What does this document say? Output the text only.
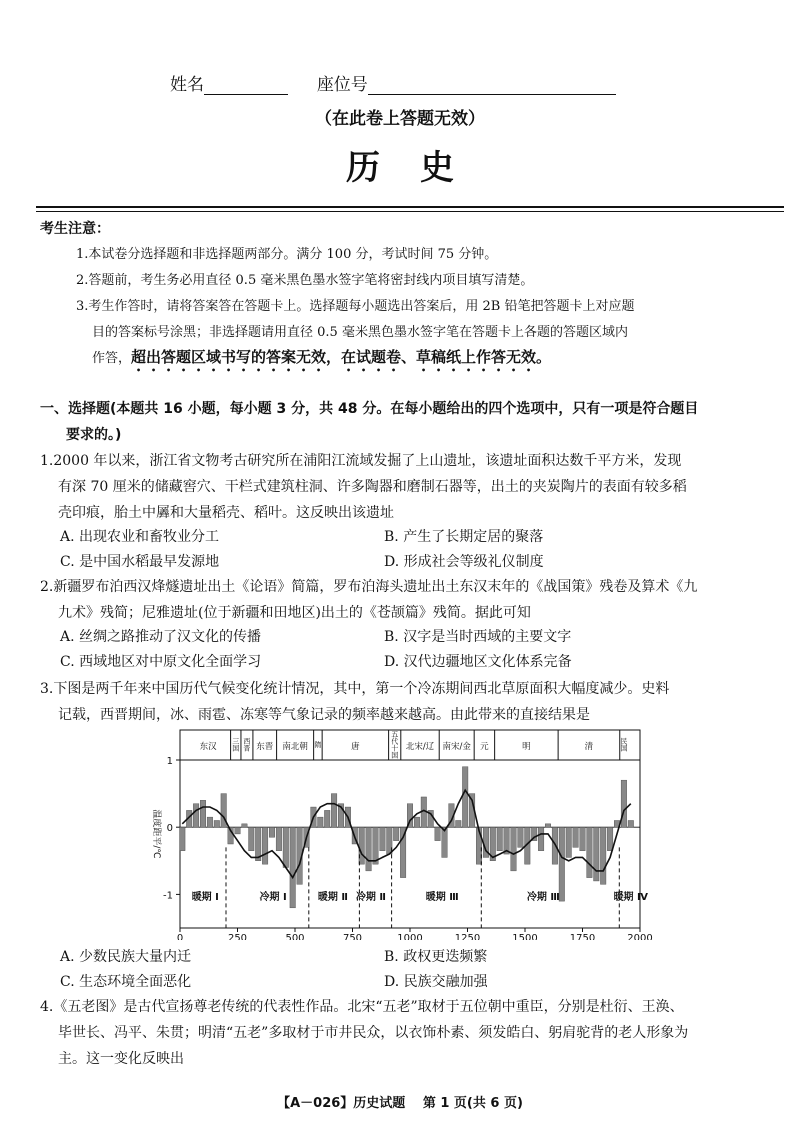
姓名	座位号
（在此卷上答题无效）
历史
考生注意：
1.本试卷分选择题和非选择题两部分。满分 100 分，考试时间 75 分钟。
2.答题前，考生务必用直径 0.5 毫米黑色墨水签字笔将密封线内项目填写清楚。
3.考生作答时，请将答案答在答题卡上。选择题每小题选出答案后，用 2B 铅笔把答题卡上对应题
目的答案标号涂黑；非选择题请用直径 0.5 毫米黑色墨水签字笔在答题卡上各题的答题区域内
作答，超出答题区域书写的答案无效，在试题卷、草稿纸上作答无效。
一、选择题(本题共 16 小题，每小题 3 分，共 48 分。在每小题给出的四个选项中，只有一项是符合题目
要求的。)
1.2000 年以来，浙江省文物考古研究所在浦阳江流域发掘了上山遗址，该遗址面积达数千平方米，发现
有深 70 厘米的储藏窖穴、干栏式建筑柱洞、许多陶器和磨制石器等，出土的夹炭陶片的表面有较多稻
壳印痕，胎土中羼和大量稻壳、稻叶。这反映出该遗址
A. 出现农业和畜牧业分工	B. 产生了长期定居的聚落
C. 是中国水稻最早发源地	D. 形成社会等级礼仪制度
2.新疆罗布泊西汉烽燧遗址出土《论语》简篇，罗布泊海头遗址出土东汉末年的《战国策》残卷及算术《九
九术》残简；尼雅遗址(位于新疆和田地区)出土的《苍颉篇》残简。据此可知
A. 丝绸之路推动了汉文化的传播	B. 汉字是当时西域的主要文字
C. 西域地区对中原文化全面学习	D. 汉代边疆地区文化体系完备
3.下图是两千年来中国历代气候变化统计情况，其中，第一个冷冻期间西北草原面积大幅度减少。史料
记载，西晋期间，冰、雨雹、冻寒等气象记录的频率越来越高。由此带来的直接结果是
东汉
三国
西晋 东晋 南北朝 隋	唐
五代十国
北宋/辽 南宋/金 元	明	清
民国
1
0
-1
0	250	500	750	1000	1250	1500	1750	2000
温度距平/℃
暖期 Ⅰ	冷期 Ⅰ	暖期 Ⅱ 冷期 Ⅱ	暖期 Ⅲ	冷期 Ⅲ	暖期 Ⅳ
A. 少数民族大量内迁	B. 政权更迭频繁
C. 生态环境全面恶化	D. 民族交融加强
4.《五老图》是古代宣扬尊老传统的代表性作品。北宋“五老”取材于五位朝中重臣，分别是杜衍、王涣、
毕世长、冯平、朱贯；明清“五老”多取材于市井民众，以衣饰朴素、须发皓白、躬肩驼背的老人形象为
主。这一变化反映出
【A－026】历史试题　 第 1 页(共 6 页)
